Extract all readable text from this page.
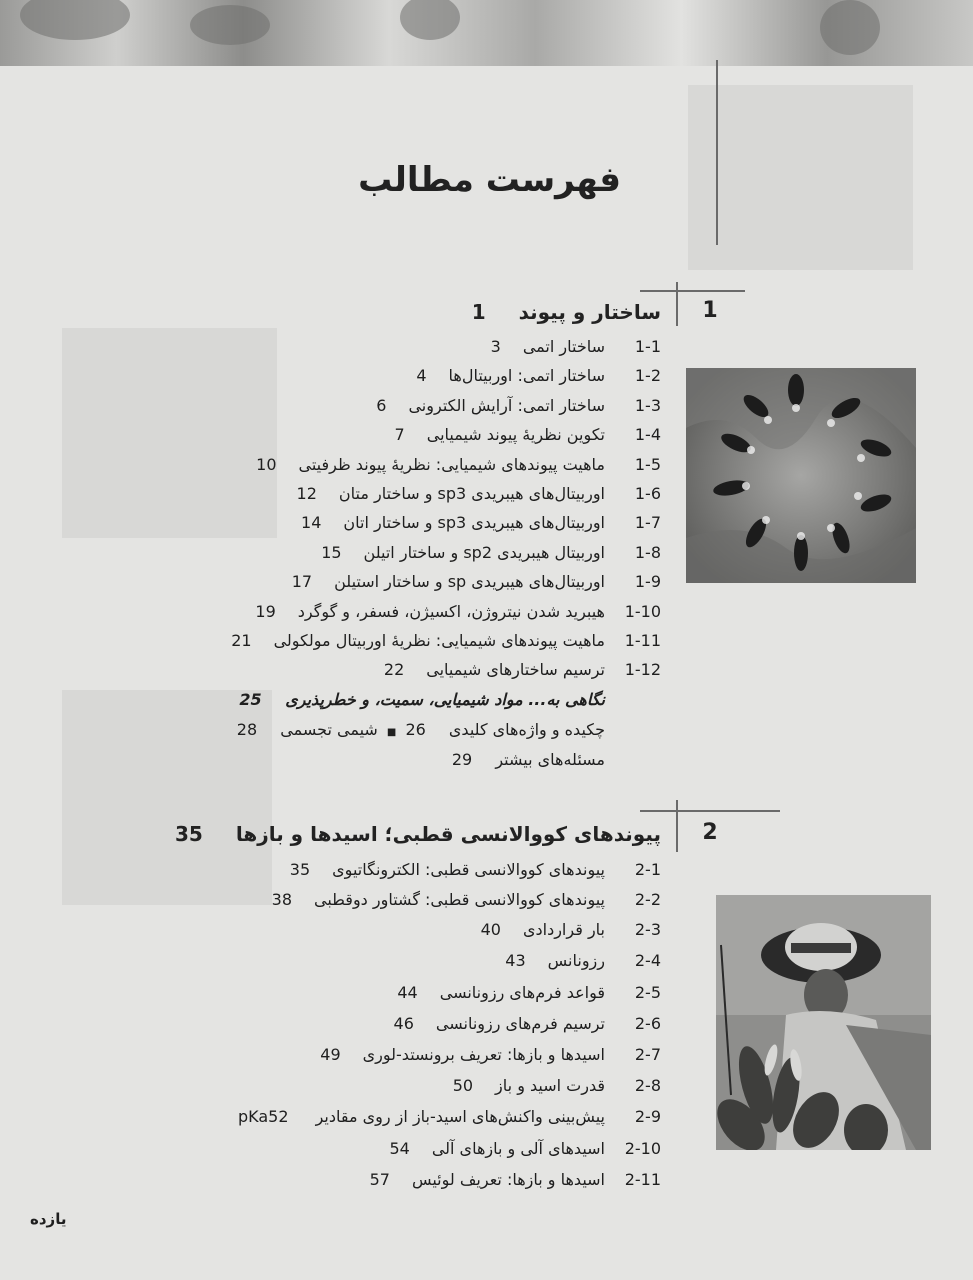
فهرست مطالب
1
ساختار و پیوند 1
1-1
ساختار اتمی3
1-2
ساختار اتمی: اوربیتال‌ها4
1-3
ساختار اتمی: آرایش الکترونی6
1-4
تکوین نظریهٔ پیوند شیمیایی7
1-5
ماهیت پیوندهای شیمیایی: نظریهٔ پیوند ظرفیتی10
1-6
اوربیتال‌های هیبریدی sp3 و ساختار متان12
1-7
اوربیتال‌های هیبریدی sp3 و ساختار اتان14
1-8
اوربیتال هیبریدی sp2 و ساختار اتیلن15
1-9
اوربیتال‌های هیبریدی sp و ساختار استیلن17
1-10
هیبرید شدن نیتروژن، اکسیژن، فسفر، و گوگرد19
1-11
ماهیت پیوندهای شیمیایی: نظریهٔ اوربیتال مولکولی21
1-12
ترسیم ساختارهای شیمیایی22
نگاهی به... مواد شیمیایی، سمیت، و خطرپذیری 25
چکیده و واژه‌های کلیدی 26 ■ شیمی تجسمی 28
مسئله‌های بیشتر 29
2
پیوندهای کووالانسی قطبی؛ اسیدها و بازها 35
2-1
پیوندهای کووالانسی قطبی: الکترونگاتیوی35
2-2
پیوندهای کووالانسی قطبی: گشتاور دوقطبی38
2-3
بار قراردادی40
2-4
رزونانس43
2-5
قواعد فرم‌های رزونانسی44
2-6
ترسیم فرم‌های رزونانسی46
2-7
اسیدها و بازها: تعریف برونستد-لوری49
2-8
قدرت اسید و باز50
2-9
پیش‌بینی واکنش‌های اسید-باز از روی مقادیر pKa52
2-10
اسیدهای آلی و بازهای آلی54
2-11
اسیدها و بازها: تعریف لوئیس57
یازده
